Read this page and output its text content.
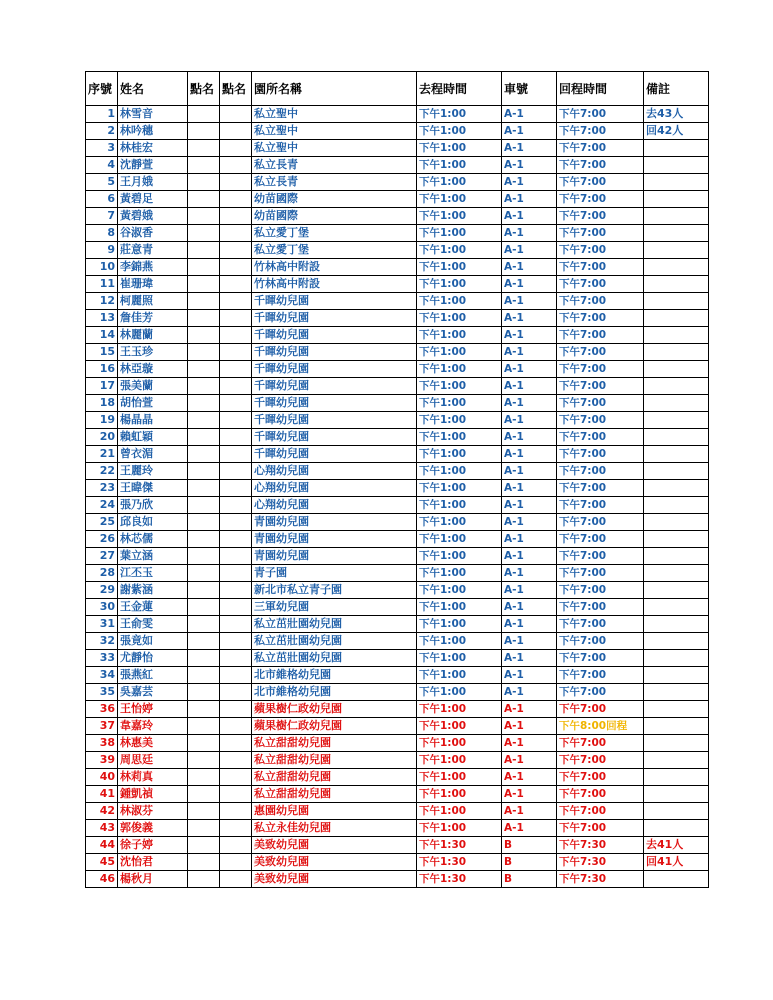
序號	姓名	點名	點名	園所名稱	去程時間	車號	回程時間	備註
1	林雪音			私立聖中	下午1:00	A-1	下午7:00	去43人
2	林吟穗			私立聖中	下午1:00	A-1	下午7:00	回42人
3	林桂宏			私立聖中	下午1:00	A-1	下午7:00	
4	沈靜萱			私立長青	下午1:00	A-1	下午7:00	
5	王月娥			私立長青	下午1:00	A-1	下午7:00	
6	黃碧足			幼苗國際	下午1:00	A-1	下午7:00	
7	黃碧娥			幼苗國際	下午1:00	A-1	下午7:00	
8	谷淑香			私立愛丁堡	下午1:00	A-1	下午7:00	
9	莊意青			私立愛丁堡	下午1:00	A-1	下午7:00	
10	李錦燕			竹林高中附設	下午1:00	A-1	下午7:00	
11	崔珊瑋			竹林高中附設	下午1:00	A-1	下午7:00	
12	柯麗照			千暉幼兒園	下午1:00	A-1	下午7:00	
13	詹佳芳			千暉幼兒園	下午1:00	A-1	下午7:00	
14	林麗蘭			千暉幼兒園	下午1:00	A-1	下午7:00	
15	王玉珍			千暉幼兒園	下午1:00	A-1	下午7:00	
16	林亞璇			千暉幼兒園	下午1:00	A-1	下午7:00	
17	張美蘭			千暉幼兒園	下午1:00	A-1	下午7:00	
18	胡怡萱			千暉幼兒園	下午1:00	A-1	下午7:00	
19	楊晶晶			千暉幼兒園	下午1:00	A-1	下午7:00	
20	賴虹穎			千暉幼兒園	下午1:00	A-1	下午7:00	
21	曾衣湄			千暉幼兒園	下午1:00	A-1	下午7:00	
22	王麗玲			心翔幼兒園	下午1:00	A-1	下午7:00	
23	王暐傑			心翔幼兒園	下午1:00	A-1	下午7:00	
24	張乃欣			心翔幼兒園	下午1:00	A-1	下午7:00	
25	邱良如			青園幼兒園	下午1:00	A-1	下午7:00	
26	林芯儒			青園幼兒園	下午1:00	A-1	下午7:00	
27	葉立涵			青園幼兒園	下午1:00	A-1	下午7:00	
28	江丕玉			青子園	下午1:00	A-1	下午7:00	
29	謝紫涵			新北市私立青子園	下午1:00	A-1	下午7:00	
30	王金蓮			三軍幼兒園	下午1:00	A-1	下午7:00	
31	王俞雯			私立茁壯園幼兒園	下午1:00	A-1	下午7:00	
32	張竟如			私立茁壯園幼兒園	下午1:00	A-1	下午7:00	
33	尤靜怡			私立茁壯園幼兒園	下午1:00	A-1	下午7:00	
34	張燕紅			北市維格幼兒園	下午1:00	A-1	下午7:00	
35	吳嘉芸			北市維格幼兒園	下午1:00	A-1	下午7:00	
36	王怡婷			蘋果樹仁政幼兒園	下午1:00	A-1	下午7:00	
37	韋嘉玲			蘋果樹仁政幼兒園	下午1:00	A-1	下午8:00回程	
38	林惠美			私立甜甜幼兒園	下午1:00	A-1	下午7:00	
39	周思廷			私立甜甜幼兒園	下午1:00	A-1	下午7:00	
40	林莉真			私立甜甜幼兒園	下午1:00	A-1	下午7:00	
41	鍾凱禎			私立甜甜幼兒園	下午1:00	A-1	下午7:00	
42	林淑芬			惠園幼兒園	下午1:00	A-1	下午7:00	
43	郭俊義			私立永佳幼兒園	下午1:00	A-1	下午7:00	
44	徐子婷			美致幼兒園	下午1:30	B	下午7:30	去41人
45	沈怡君			美致幼兒園	下午1:30	B	下午7:30	回41人
46	楊秋月			美致幼兒園	下午1:30	B	下午7:30	
